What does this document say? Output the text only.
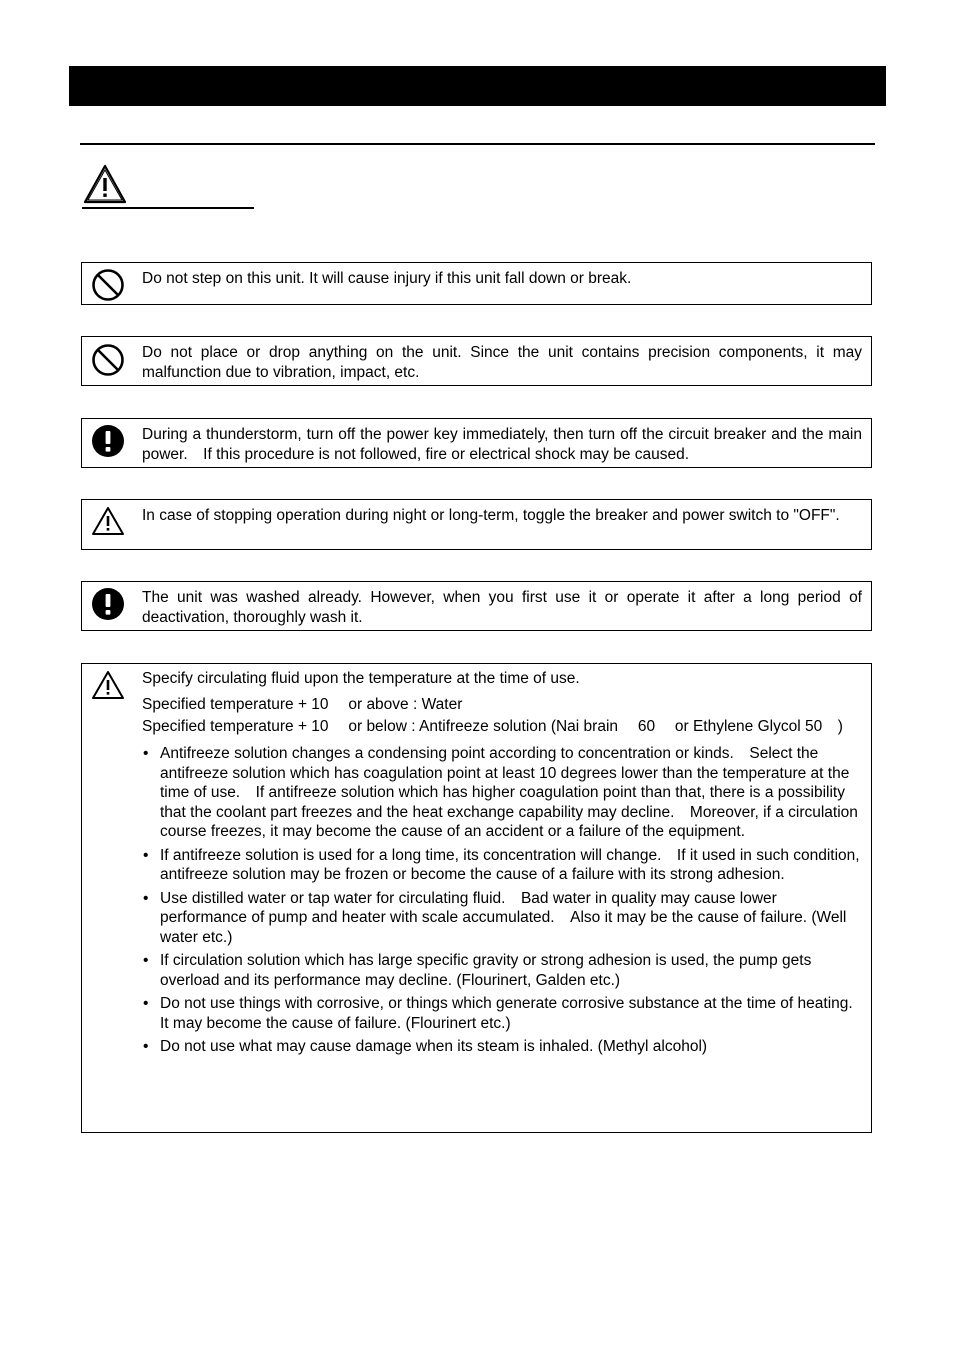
Do not step on this unit. It will cause injury if this unit fall down or break.
Do not place or drop anything on the unit. Since the unit contains precision components, it may malfunction due to vibration, impact, etc.
During a thunderstorm, turn off the power key immediately, then turn off the circuit breaker and the main power.　If this procedure is not followed, fire or electrical shock may be caused.
In case of stopping operation during night or long-term, toggle the breaker and power switch to "OFF".
The unit was washed already. However, when you first use it or operate it after a long period of deactivation, thoroughly wash it.

Specify circulating fluid upon the temperature at the time of use.

Specified temperature + 10　 or above : Water

Specified temperature + 10　 or below : Antifreeze solution (Nai brain　 60　 or Ethylene Glycol 50　)

• Antifreeze solution changes a condensing point according to concentration or kinds.　Select the antifreeze solution which has coagulation point at least 10 degrees lower than the temperature at the time of use.　If antifreeze solution which has higher coagulation point than that, there is a possibility that the coolant part freezes and the heat exchange capability may decline.　Moreover, if a circulation course freezes, it may become the cause of an accident or a failure of the equipment.
• If antifreeze solution is used for a long time, its concentration will change.　If it used in such condition, antifreeze solution may be frozen or become the cause of a failure with its strong adhesion.
• Use distilled water or tap water for circulating fluid.　Bad water in quality may cause lower performance of pump and heater with scale accumulated.　Also it may be the cause of failure. (Well water etc.)
• If circulation solution which has large specific gravity or strong adhesion is used, the pump gets overload and its performance may decline. (Flourinert, Galden etc.)
• Do not use things with corrosive, or things which generate corrosive substance at the time of heating.　It may become the cause of failure. (Flourinert etc.)
• Do not use what may cause damage when its steam is inhaled. (Methyl alcohol)
